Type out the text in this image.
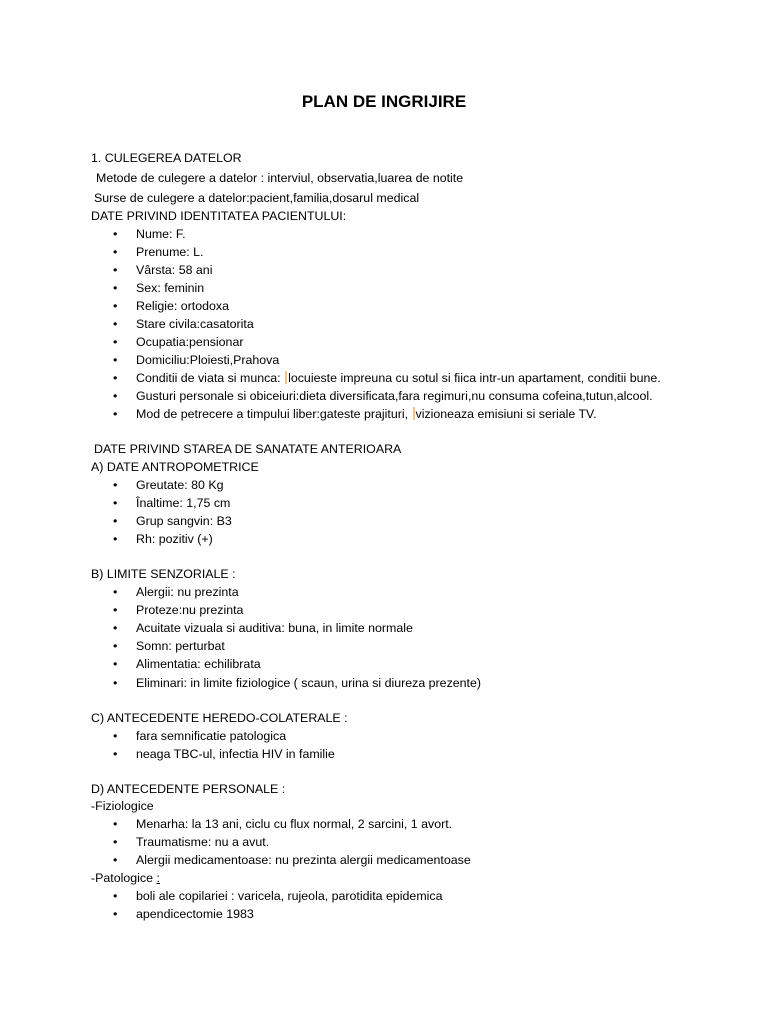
PLAN DE INGRIJIRE
1. CULEGEREA DATELOR
Metode de culegere a datelor : interviul, observatia,luarea de notite
Surse de culegere a datelor:pacient,familia,dosarul medical
DATE PRIVIND IDENTITATEA PACIENTULUI:
•	Nume: F.
•	Prenume: L.
•	Vârsta: 58 ani
•	Sex: feminin
•	Religie: ortodoxa
•	Stare civila:casatorita
•	Ocupatia:pensionar
•	Domiciliu:Ploiesti,Prahova
•	Conditii de viata si munca: locuieste impreuna cu sotul si fiica intr-un apartament, conditii bune.
•	Gusturi personale si obiceiuri:dieta diversificata,fara regimuri,nu consuma cofeina,tutun,alcool.
•	Mod de petrecere a timpului liber:gateste prajituri, vizioneaza emisiuni si seriale TV.
DATE PRIVIND STAREA DE SANATATE ANTERIOARA
A) DATE ANTROPOMETRICE
•	Greutate: 80 Kg
•	Înaltime: 1,75 cm
•	Grup sangvin: B3
•	Rh: pozitiv (+)
B) LIMITE SENZORIALE :
•	Alergii: nu prezinta
•	Proteze:nu prezinta
•	Acuitate vizuala si auditiva: buna, in limite normale
•	Somn: perturbat
•	Alimentatia: echilibrata
•	Eliminari: in limite fiziologice ( scaun, urina si diureza prezente)
C) ANTECEDENTE HEREDO-COLATERALE :
•	fara semnificatie patologica
•	neaga TBC-ul, infectia HIV in familie
D) ANTECEDENTE PERSONALE :
-Fiziologice
•	Menarha: la 13 ani, ciclu cu flux normal, 2 sarcini, 1 avort.
•	Traumatisme: nu a avut.
•	Alergii medicamentoase: nu prezinta alergii medicamentoase
-Patologice :
•	boli ale copilariei : varicela, rujeola, parotidita epidemica
•	apendicectomie 1983
